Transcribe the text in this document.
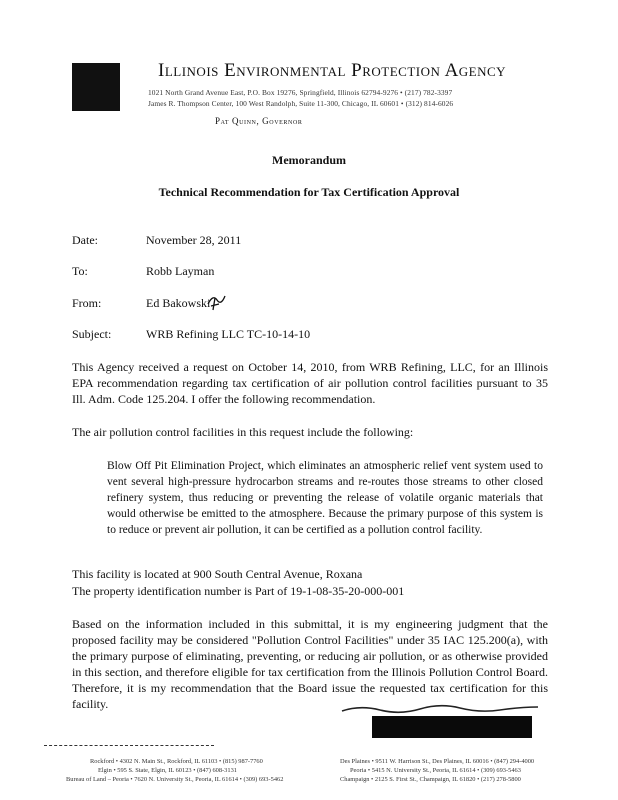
Illinois Environmental Protection Agency
1021 North Grand Avenue East, P.O. Box 19276, Springfield, Illinois 62794-9276 • (217) 782-3397
James R. Thompson Center, 100 West Randolph, Suite 11-300, Chicago, IL 60601 • (312) 814-6026
Pat Quinn, Governor
Memorandum
Technical Recommendation for Tax Certification Approval
Date:	November 28, 2011
To:	Robb Layman
From:	Ed Bakowski
Subject:	WRB Refining LLC TC-10-14-10
This Agency received a request on October 14, 2010, from WRB Refining, LLC, for an Illinois EPA recommendation regarding tax certification of air pollution control facilities pursuant to 35 Ill. Adm. Code 125.204. I offer the following recommendation.
The air pollution control facilities in this request include the following:
Blow Off Pit Elimination Project, which eliminates an atmospheric relief vent system used to vent several high-pressure hydrocarbon streams and re-routes those streams to other closed refinery system, thus reducing or preventing the release of volatile organic materials that would otherwise be emitted to the atmosphere. Because the primary purpose of this system is to reduce or prevent air pollution, it can be certified as a pollution control facility.
This facility is located at 900 South Central Avenue, Roxana
The property identification number is Part of 19-1-08-35-20-000-001
Based on the information included in this submittal, it is my engineering judgment that the proposed facility may be considered "Pollution Control Facilities" under 35 IAC 125.200(a), with the primary purpose of eliminating, preventing, or reducing air pollution, or as otherwise provided in this section, and therefore eligible for tax certification from the Illinois Pollution Control Board. Therefore, it is my recommendation that the Board issue the requested tax certification for this facility.
Rockford • 4302 N. Main St., Rockford, IL 61103 • (815) 987-7760
Elgin • 595 S. State, Elgin, IL 60123 • (847) 608-3131
Bureau of Land – Peoria • 7620 N. University St., Peoria, IL 61614 • (309) 693-5462
Des Plaines • 9511 W. Harrison St., Des Plaines, IL 60016 • (847) 294-4000
Peoria • 5415 N. University St., Peoria, IL 61614 • (309) 693-5463
Champaign • 2125 S. First St., Champaign, IL 61820 • (217) 278-5800
